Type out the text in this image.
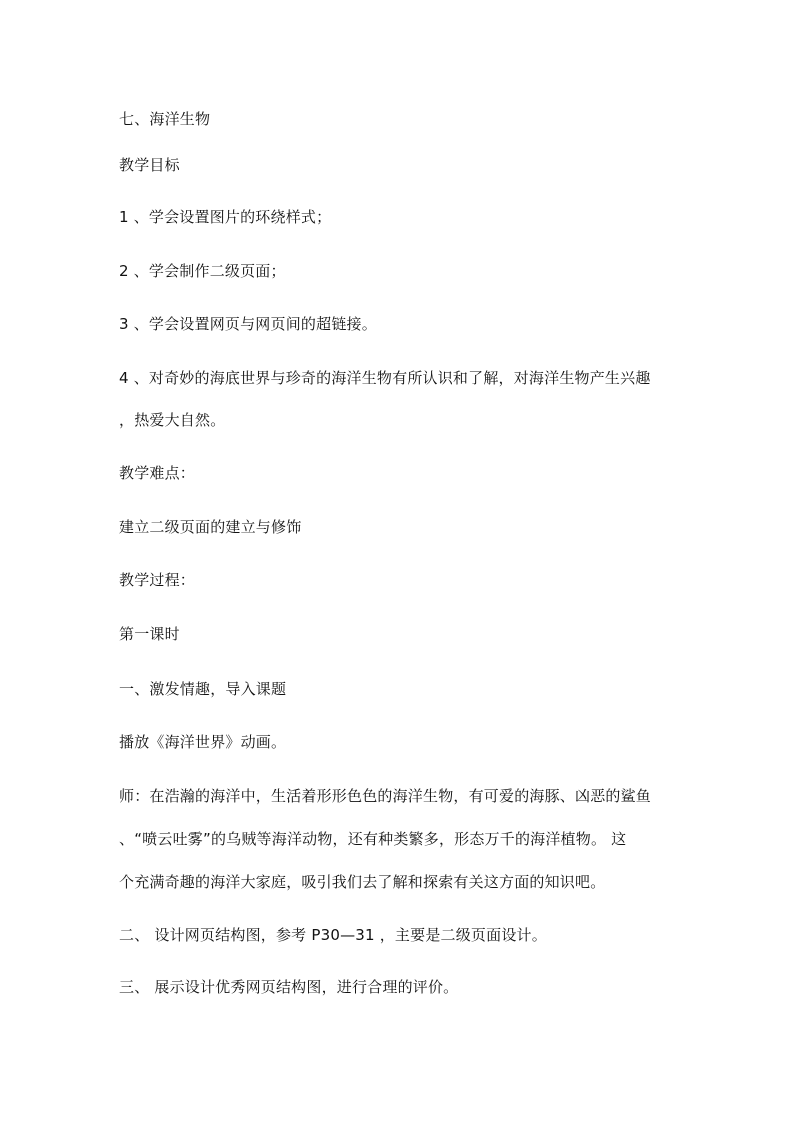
七、海洋生物
教学目标
1 、学会设置图片的环绕样式；
2 、学会制作二级页面；
3 、学会设置网页与网页间的超链接。
4 、对奇妙的海底世界与珍奇的海洋生物有所认识和了解，对海洋生物产生兴趣
，热爱大自然。
教学难点：
建立二级页面的建立与修饰
教学过程：
第一课时
一、激发情趣，导入课题
播放《海洋世界》动画。
师：在浩瀚的海洋中，生活着形形色色的海洋生物，有可爱的海豚、凶恶的鲨鱼
、“喷云吐雾”的乌贼等海洋动物，还有种类繁多，形态万千的海洋植物。 这
个充满奇趣的海洋大家庭，吸引我们去了解和探索有关这方面的知识吧。
二、 设计网页结构图，参考 P30—31 ，主要是二级页面设计。
三、 展示设计优秀网页结构图，进行合理的评价。
